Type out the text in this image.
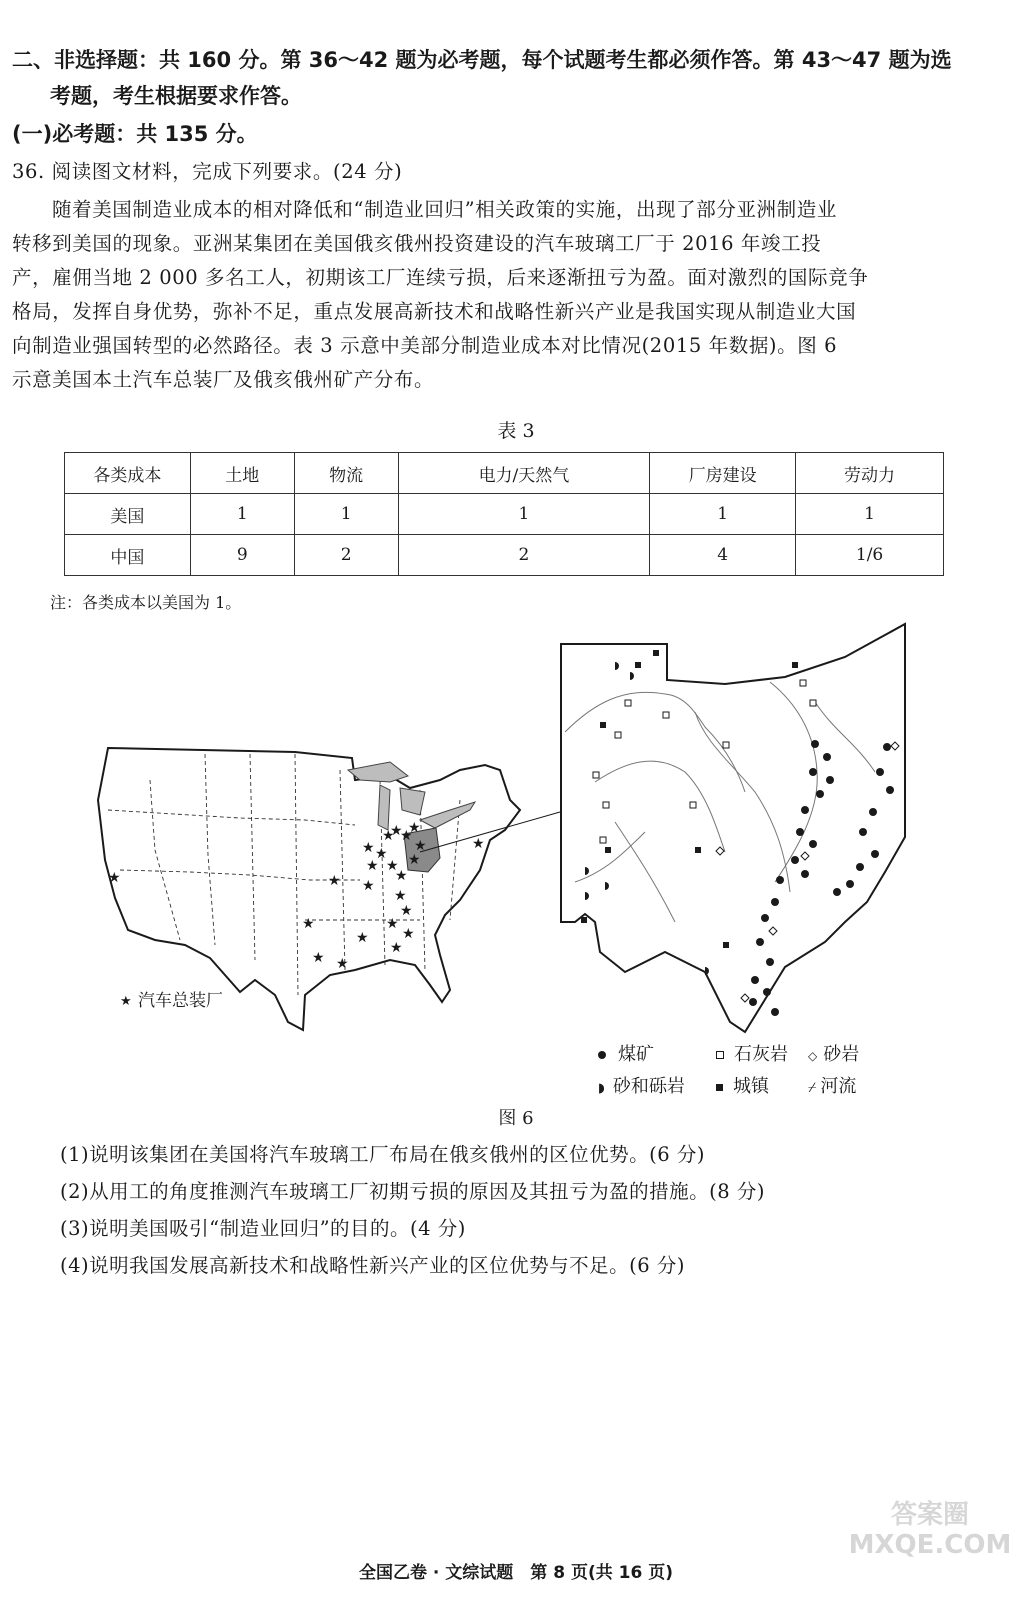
二、非选择题：共 160 分。第 36～42 题为必考题，每个试题考生都必须作答。第 43～47 题为选
考题，考生根据要求作答。
(一)必考题：共 135 分。
36. 阅读图文材料，完成下列要求。(24 分)
随着美国制造业成本的相对降低和“制造业回归”相关政策的实施，出现了部分亚洲制造业
转移到美国的现象。亚洲某集团在美国俄亥俄州投资建设的汽车玻璃工厂于 2016 年竣工投
产，雇佣当地 2 000 多名工人，初期该工厂连续亏损，后来逐渐扭亏为盈。面对激烈的国际竞争
格局，发挥自身优势，弥补不足，重点发展高新技术和战略性新兴产业是我国实现从制造业大国
向制造业强国转型的必然路径。表 3 示意中美部分制造业成本对比情况(2015 年数据)。图 6
示意美国本土汽车总装厂及俄亥俄州矿产分布。
表 3
各类成本	土地	物流	电力/天然气	厂房建设	劳动力
美国	1	1	1	1	1
中国	9	2	2	4	1/6
注：各类成本以美国为 1。
★	★
★
★ ★
★
★
★
★ ★
★
★
★
★
★
★
★
★
★
★
★
★
★	★
★ 汽车总装厂
煤矿	石灰岩 ◇ 砂岩
◗ 砂和砾岩	城镇	⌿ 河流
图 6
(1)说明该集团在美国将汽车玻璃工厂布局在俄亥俄州的区位优势。(6 分)
(2)从用工的角度推测汽车玻璃工厂初期亏损的原因及其扭亏为盈的措施。(8 分)
(3)说明美国吸引“制造业回归”的目的。(4 分)
(4)说明我国发展高新技术和战略性新兴产业的区位优势与不足。(6 分)
答案圈 MXQE.COM
全国乙卷 · 文综试题　第 8 页(共 16 页)
